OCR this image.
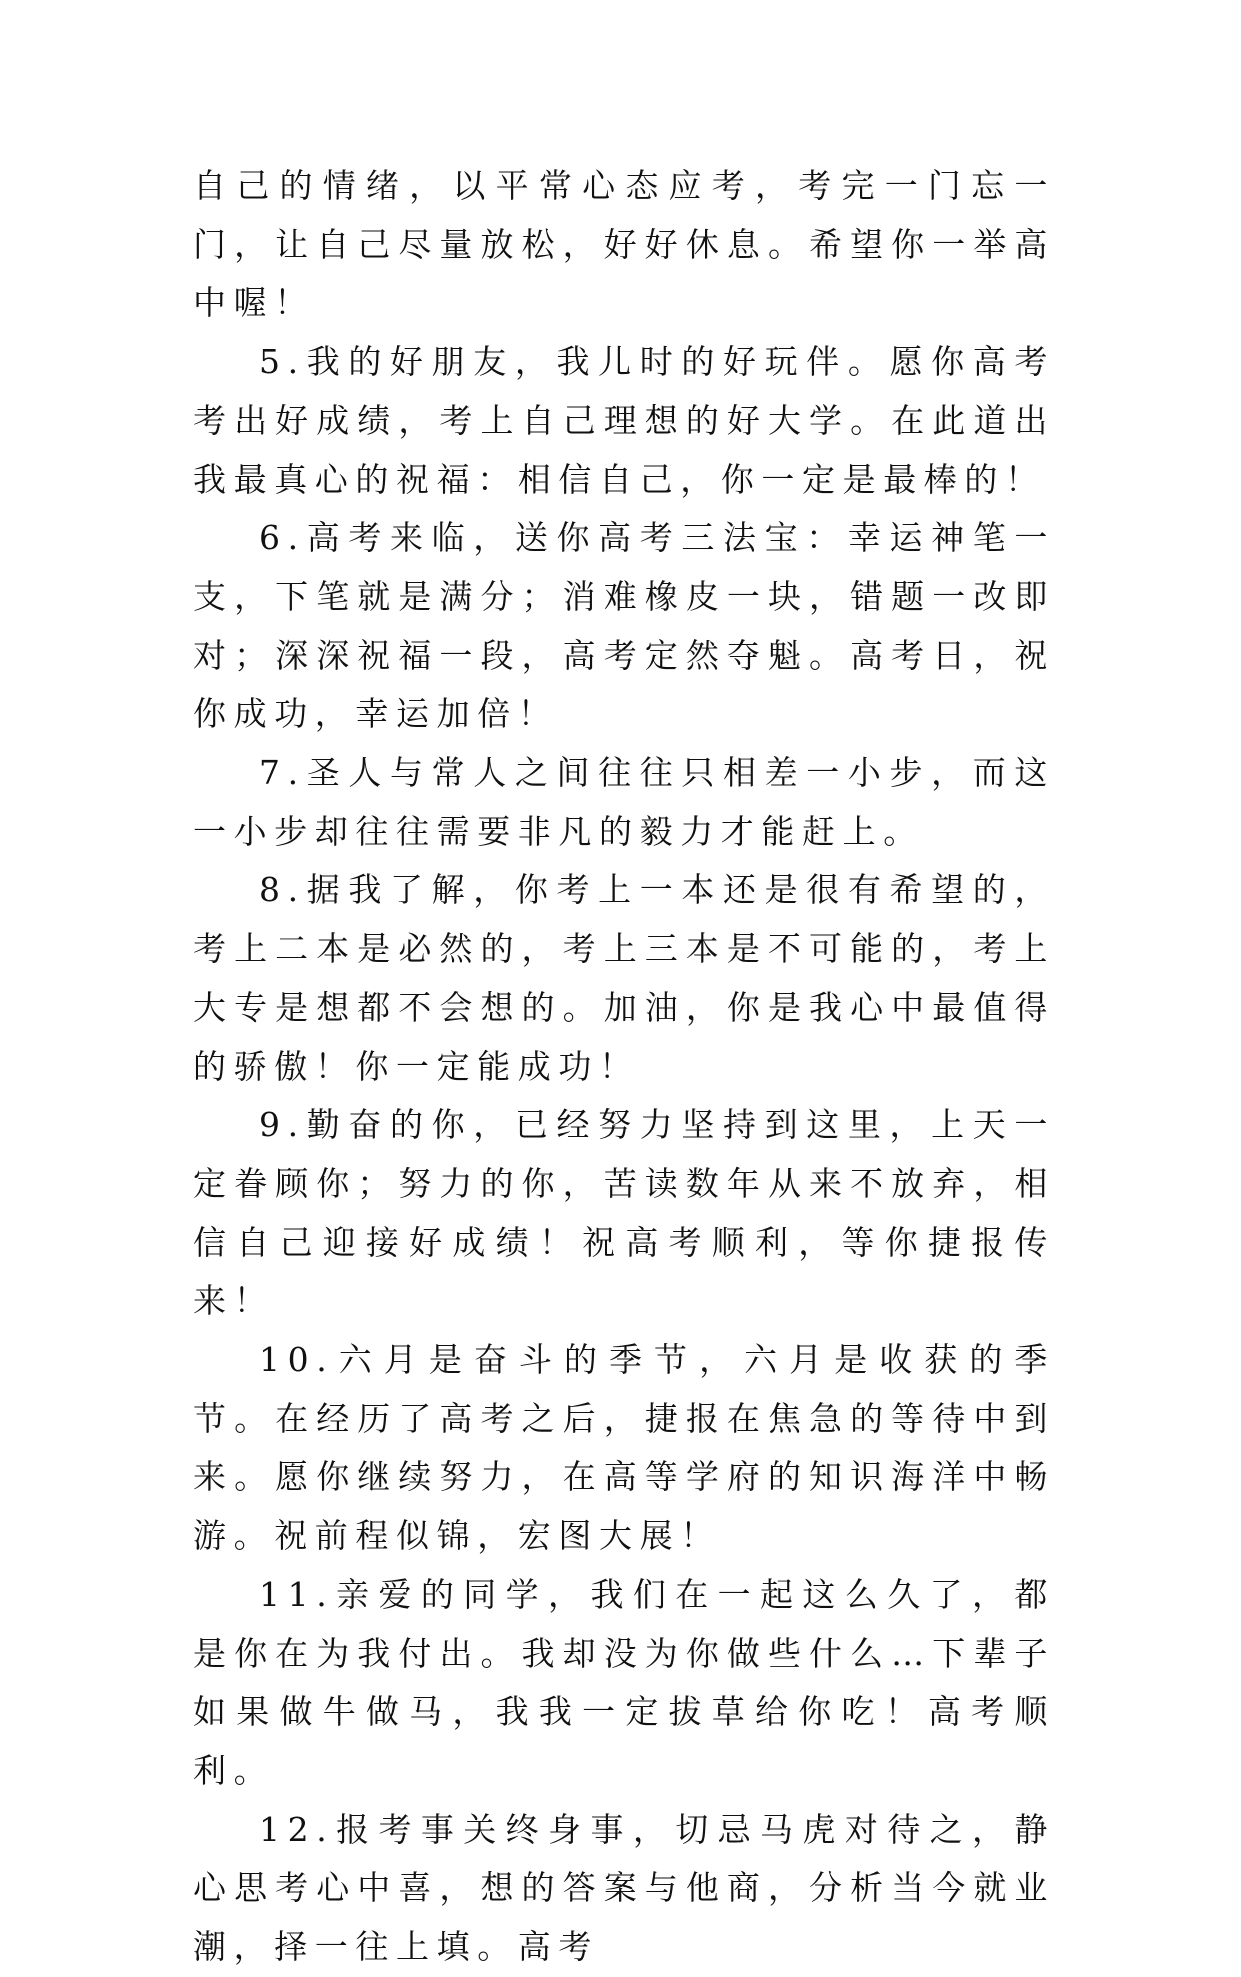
自己的情绪，以平常心态应考，考完一门忘一门，让自己尽量放松，好好休息。希望你一举高中喔！

5.我的好朋友，我儿时的好玩伴。愿你高考考出好成绩，考上自己理想的好大学。在此道出我最真心的祝福：相信自己，你一定是最棒的！

6.高考来临，送你高考三法宝：幸运神笔一支，下笔就是满分；消难橡皮一块，错题一改即对；深深祝福一段，高考定然夺魁。高考日，祝你成功，幸运加倍！

7.圣人与常人之间往往只相差一小步，而这一小步却往往需要非凡的毅力才能赶上。

8.据我了解，你考上一本还是很有希望的，考上二本是必然的，考上三本是不可能的，考上大专是想都不会想的。加油，你是我心中最值得的骄傲！你一定能成功！

9.勤奋的你，已经努力坚持到这里，上天一定眷顾你；努力的你，苦读数年从来不放弃，相信自己迎接好成绩！祝高考顺利，等你捷报传来！

10.六月是奋斗的季节，六月是收获的季节。在经历了高考之后，捷报在焦急的等待中到来。愿你继续努力，在高等学府的知识海洋中畅游。祝前程似锦，宏图大展！

11.亲爱的同学，我们在一起这么久了，都是你在为我付出。我却没为你做些什么…下辈子如果做牛做马，我我一定拔草给你吃！高考顺利。

12.报考事关终身事，切忌马虎对待之，静心思考心中喜，想的答案与他商，分析当今就业潮，择一往上填。高考
